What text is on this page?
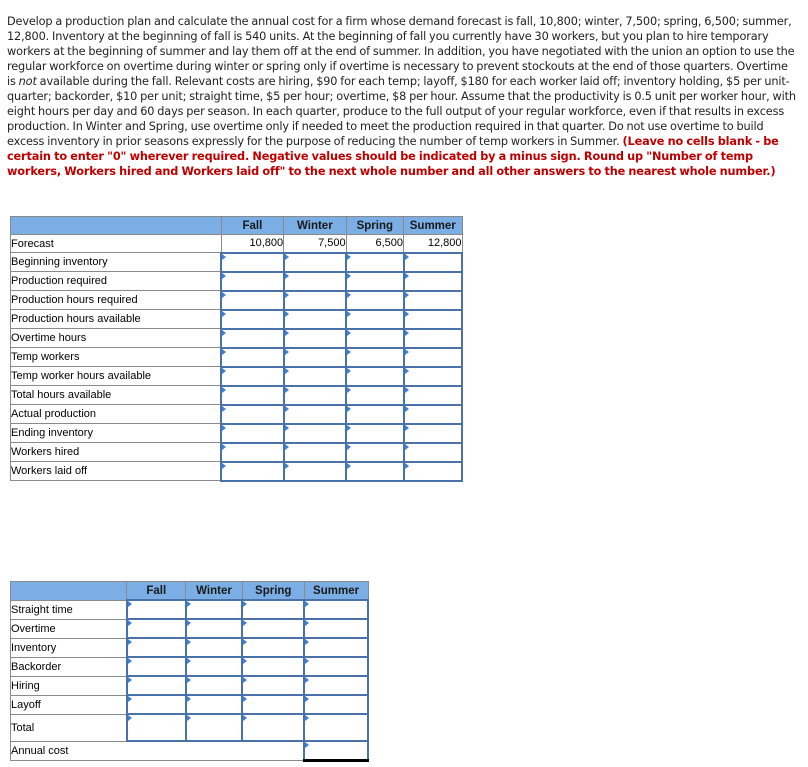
Develop a production plan and calculate the annual cost for a firm whose demand forecast is fall, 10,800; winter, 7,500; spring, 6,500; summer, 12,800. Inventory at the beginning of fall is 540 units. At the beginning of fall you currently have 30 workers, but you plan to hire temporary workers at the beginning of summer and lay them off at the end of summer. In addition, you have negotiated with the union an option to use the regular workforce on overtime during winter or spring only if overtime is necessary to prevent stockouts at the end of those quarters. Overtime is not available during the fall. Relevant costs are hiring, $90 for each temp; layoff, $180 for each worker laid off; inventory holding, $5 per unit-quarter; backorder, $10 per unit; straight time, $5 per hour; overtime, $8 per hour. Assume that the productivity is 0.5 unit per worker hour, with eight hours per day and 60 days per season. In each quarter, produce to the full output of your regular workforce, even if that results in excess production. In Winter and Spring, use overtime only if needed to meet the production required in that quarter. Do not use overtime to build excess inventory in prior seasons expressly for the purpose of reducing the number of temp workers in Summer. (Leave no cells blank - be certain to enter "0" wherever required. Negative values should be indicated by a minus sign. Round up "Number of temp workers, Workers hired and Workers laid off" to the next whole number and all other answers to the nearest whole number.)
	Fall	Winter	Spring	Summer
Forecast	10,800	7,500	6,500	12,800
Beginning inventory				
Production required				
Production hours required				
Production hours available				
Overtime hours				
Temp workers				
Temp worker hours available				
Total hours available				
Actual production				
Ending inventory				
Workers hired				
Workers laid off				
	Fall	Winter	Spring	Summer
Straight time				
Overtime				
Inventory				
Backorder				
Hiring				
Layoff				
Total				
Annual cost	
